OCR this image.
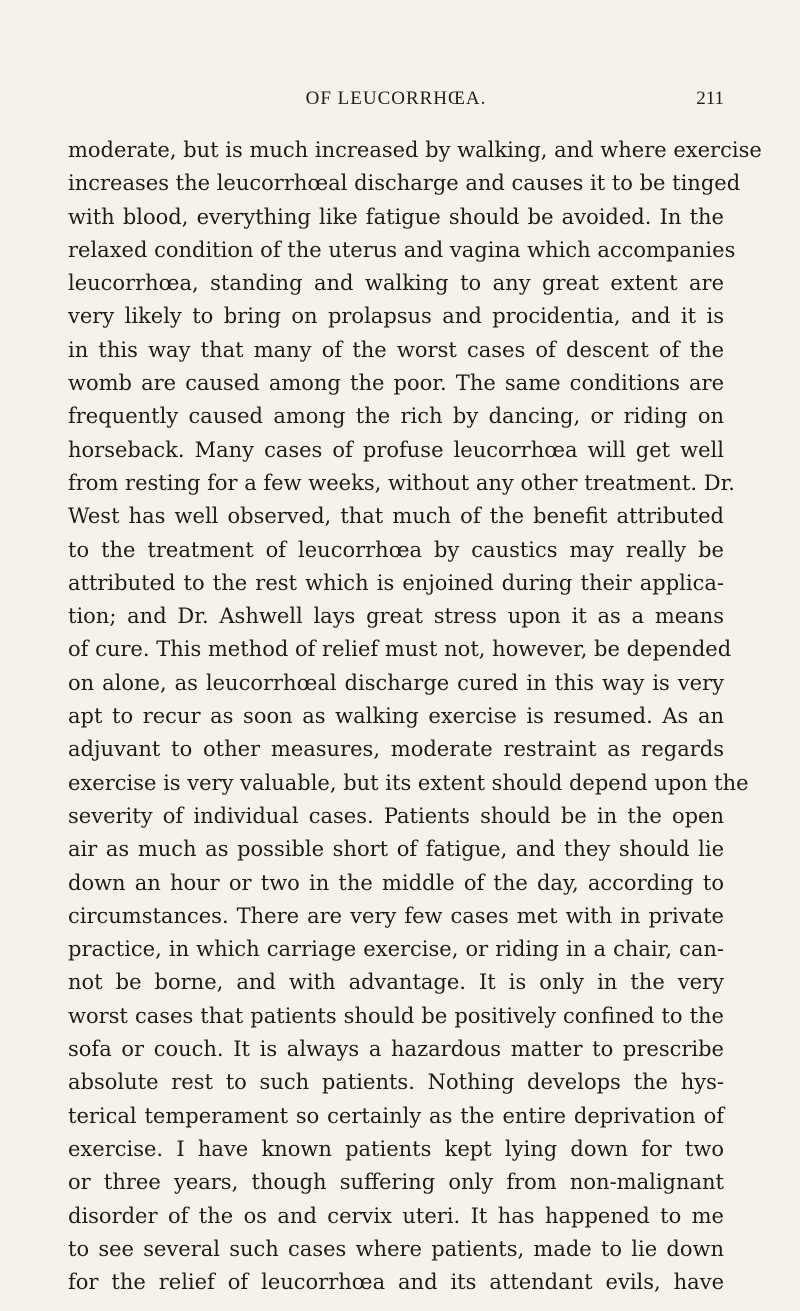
OF LEUCORRHŒA.	211
moderate, but is much increased by walking, and where exercise
increases the leucorrhœal discharge and causes it to be tinged
with blood, everything like fatigue should be avoided. In the
relaxed condition of the uterus and vagina which accompanies
leucorrhœa, standing and walking to any great extent are
very likely to bring on prolapsus and procidentia, and it is
in this way that many of the worst cases of descent of the
womb are caused among the poor. The same conditions are
frequently caused among the rich by dancing, or riding on
horseback. Many cases of profuse leucorrhœa will get well
from resting for a few weeks, without any other treatment. Dr.
West has well observed, that much of the benefit attributed
to the treatment of leucorrhœa by caustics may really be
attributed to the rest which is enjoined during their applica-
tion; and Dr. Ashwell lays great stress upon it as a means
of cure. This method of relief must not, however, be depended
on alone, as leucorrhœal discharge cured in this way is very
apt to recur as soon as walking exercise is resumed. As an
adjuvant to other measures, moderate restraint as regards
exercise is very valuable, but its extent should depend upon the
severity of individual cases. Patients should be in the open
air as much as possible short of fatigue, and they should lie
down an hour or two in the middle of the day, according to
circumstances. There are very few cases met with in private
practice, in which carriage exercise, or riding in a chair, can-
not be borne, and with advantage. It is only in the very
worst cases that patients should be positively confined to the
sofa or couch. It is always a hazardous matter to prescribe
absolute rest to such patients. Nothing develops the hys-
terical temperament so certainly as the entire deprivation of
exercise. I have known patients kept lying down for two
or three years, though suffering only from non-malignant
disorder of the os and cervix uteri. It has happened to me
to see several such cases where patients, made to lie down
for the relief of leucorrhœa and its attendant evils, have
